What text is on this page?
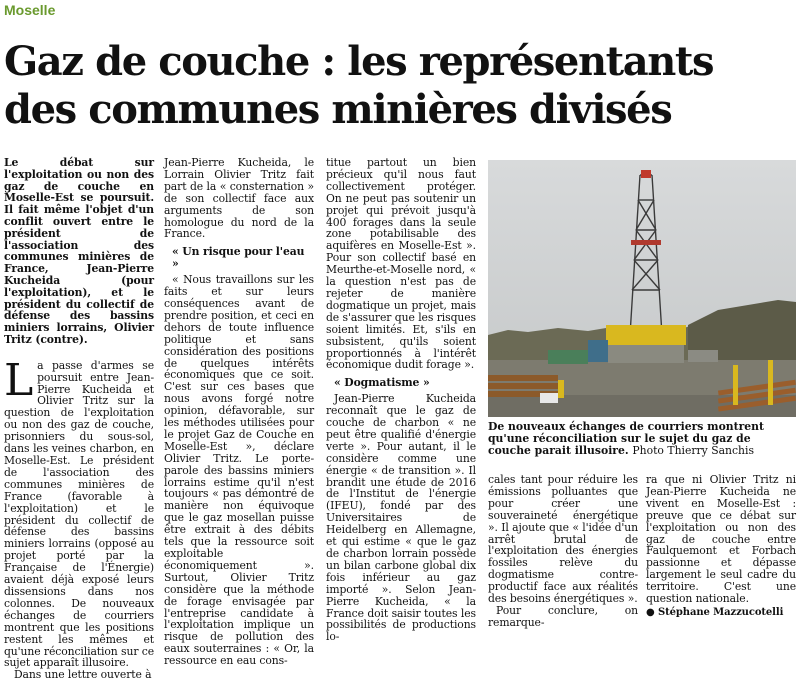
Moselle
Gaz de couche : les représentants
des communes minières divisés

Le débat sur l'exploitation ou non des gaz de couche en Moselle-Est se poursuit. Il fait même l'objet d'un conflit ouvert entre le président de l'association des communes minières de France, Jean-Pierre Kucheida (pour l'exploitation), et le président du collectif de défense des bassins miniers lorrains, Olivier Tritz (contre).

La passe d'armes se poursuit entre Jean-Pierre Kucheida et Olivier Tritz sur la question de l'exploitation ou non des gaz de couche, prisonniers du sous-sol, dans les veines charbon, en Moselle-Est. Le président de l'association des communes minières de France (favorable à l'exploitation) et le président du collectif de défense des bassins miniers lorrains (opposé au projet porté par la Française de l'Énergie) avaient déjà exposé leurs dissensions dans nos colonnes. De nouveaux échanges de courriers montrent que les positions restent les mêmes et qu'une réconciliation sur ce sujet apparaît illusoire.

Dans une lettre ouverte à

Jean-Pierre Kucheida, le Lorrain Olivier Tritz fait part de la « consternation » de son collectif face aux arguments de son homologue du nord de la France.

« Un risque pour l'eau »

« Nous travaillons sur les faits et sur leurs conséquences avant de prendre position, et ceci en dehors de toute influence politique et sans considération des positions de quelques intérêts économiques que ce soit. C'est sur ces bases que nous avons forgé notre opinion, défavorable, sur les méthodes utilisées pour le projet Gaz de Couche en Moselle-Est », déclare Olivier Tritz. Le porte-parole des bassins miniers lorrains estime qu'il n'est toujours « pas démontré de manière non équivoque que le gaz mosellan puisse être extrait à des débits tels que la ressource soit exploitable économiquement ». Surtout, Olivier Tritz considère que la méthode de forage envisagée par l'entreprise candidate à l'exploitation implique un risque de pollution des eaux souterraines : « Or, la ressource en eau cons-

titue partout un bien précieux qu'il nous faut collectivement protéger. On ne peut pas soutenir un projet qui prévoit jusqu'à 400 forages dans la seule zone potabilisable des aquifères en Moselle-Est ». Pour son collectif basé en Meurthe-et-Moselle nord, « la question n'est pas de rejeter de manière dogmatique un projet, mais de s'assurer que les risques soient limités. Et, s'ils en subsistent, qu'ils soient proportionnés à l'intérêt économique dudit forage ».

« Dogmatisme »

Jean-Pierre Kucheida reconnaît que le gaz de couche de charbon « ne peut être qualifié d'énergie verte ». Pour autant, il le considère comme une énergie « de transition ». Il brandit une étude de 2016 de l'Institut de l'énergie (IFEU), fondé par des Universitaires de Heidelberg en Allemagne, et qui estime « que le gaz de charbon lorrain possède un bilan carbone global dix fois inférieur au gaz importé ». Selon Jean-Pierre Kucheida, « la France doit saisir toutes les possibilités de productions lo-

De nouveaux échanges de courriers montrent qu'une réconciliation sur le sujet du gaz de couche parait illusoire. Photo Thierry Sanchis

cales tant pour réduire les émissions polluantes que pour créer une souveraineté énergétique ». Il ajoute que « l'idée d'un arrêt brutal de l'exploitation des énergies fossiles relève du dogmatisme contre-productif face aux réalités des besoins énergétiques ».

Pour conclure, on remarque-

ra que ni Olivier Tritz ni Jean-Pierre Kucheida ne vivent en Moselle-Est : preuve que ce débat sur l'exploitation ou non des gaz de couche entre Faulquemont et Forbach passionne et dépasse largement le seul cadre du territoire. C'est une question nationale.

● Stéphane Mazzucotelli
